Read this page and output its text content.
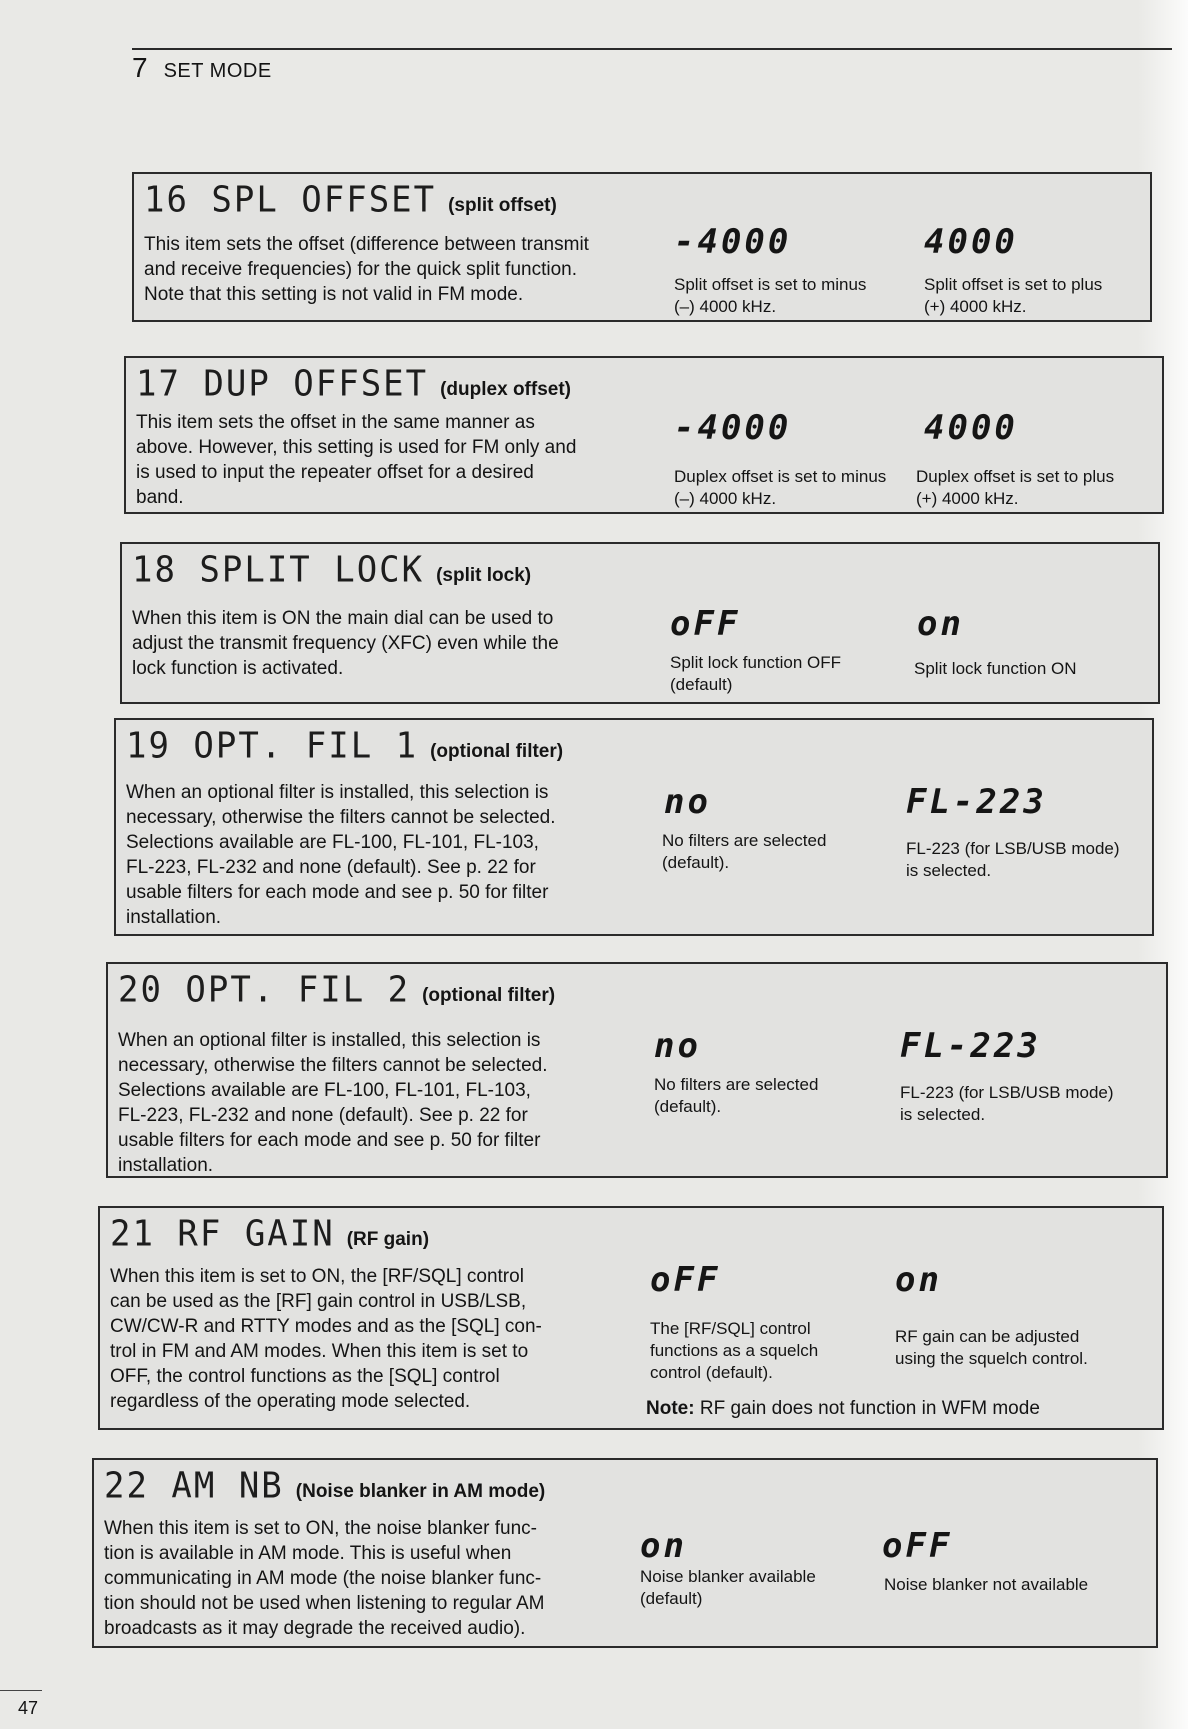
7 SET MODE
16 SPL OFFSET (split offset)
This item sets the offset (difference between transmit
and receive frequencies) for the quick split function.
Note that this setting is not valid in FM mode.
-4000
Split offset is set to minus
(–) 4000 kHz.
4000
Split offset is set to plus
(+) 4000 kHz.
17 DUP OFFSET (duplex offset)
This item sets the offset in the same manner as
above. However, this setting is used for FM only and
is used to input the repeater offset for a desired
band.
-4000
Duplex offset is set to minus
(–) 4000 kHz.
4000
Duplex offset is set to plus
(+) 4000 kHz.
18 SPLIT LOCK (split lock)
When this item is ON the main dial can be used to
adjust the transmit frequency (XFC) even while the
lock function is activated.
oFF
Split lock function OFF
(default)
on
Split lock function ON
19 OPT. FIL 1 (optional filter)
When an optional filter is installed, this selection is
necessary, otherwise the filters cannot be selected.
Selections available are FL-100, FL-101, FL-103,
FL-223, FL-232 and none (default). See p. 22 for
usable filters for each mode and see p. 50 for filter
installation.
no
No filters are selected
(default).
FL-223
FL-223 (for LSB/USB mode)
is selected.
20 OPT. FIL 2 (optional filter)
When an optional filter is installed, this selection is
necessary, otherwise the filters cannot be selected.
Selections available are FL-100, FL-101, FL-103,
FL-223, FL-232 and none (default). See p. 22 for
usable filters for each mode and see p. 50 for filter
installation.
no
No filters are selected
(default).
FL-223
FL-223 (for LSB/USB mode)
is selected.
21 RF GAIN (RF gain)
When this item is set to ON, the [RF/SQL] control
can be used as the [RF] gain control in USB/LSB,
CW/CW-R and RTTY modes and as the [SQL] con-
trol in FM and AM modes. When this item is set to
OFF, the control functions as the [SQL] control
regardless of the operating mode selected.
oFF
The [RF/SQL] control
functions as a squelch
control (default).
on
RF gain can be adjusted
using the squelch control.
Note: RF gain does not function in WFM mode
22 AM NB (Noise blanker in AM mode)
When this item is set to ON, the noise blanker func-
tion is available in AM mode. This is useful when
communicating in AM mode (the noise blanker func-
tion should not be used when listening to regular AM
broadcasts as it may degrade the received audio).
on
Noise blanker available
(default)
oFF
Noise blanker not available
47
